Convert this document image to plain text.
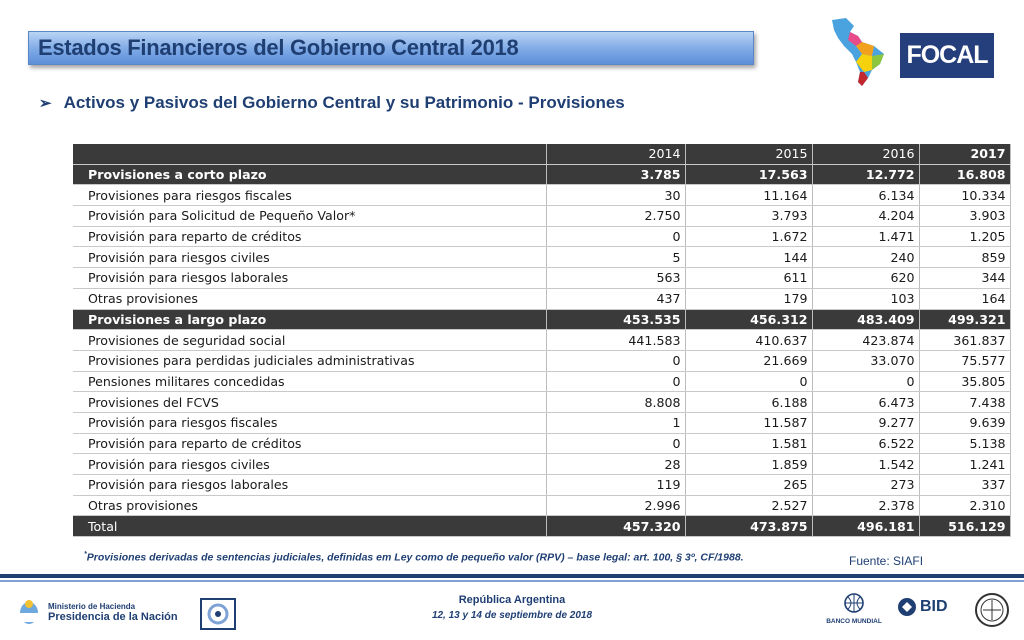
Estados Financieros del Gobierno Central 2018	FOCAL
➢ Activos y Pasivos del Gobierno Central y su Patrimonio - Provisiones
	2014	2015	2016	2017
Provisiones a corto plazo	3.785	17.563	12.772	16.808
Provisiones para riesgos fiscales	30	11.164	6.134	10.334
Provisión para Solicitud de Pequeño Valor*	2.750	3.793	4.204	3.903
Provisión para reparto de créditos	0	1.672	1.471	1.205
Provisión para riesgos civiles	5	144	240	859
Provisión para riesgos laborales	563	611	620	344
Otras provisiones	437	179	103	164
Provisiones a largo plazo	453.535	456.312	483.409	499.321
Provisiones de seguridad social	441.583	410.637	423.874	361.837
Provisiones para perdidas judiciales administrativas	0	21.669	33.070	75.577
Pensiones militares concedidas	0	0	0	35.805
Provisiones del FCVS	8.808	6.188	6.473	7.438
Provisión para riesgos fiscales	1	11.587	9.277	9.639
Provisión para reparto de créditos	0	1.581	6.522	5.138
Provisión para riesgos civiles	28	1.859	1.542	1.241
Provisión para riesgos laborales	119	265	273	337
Otras provisiones	2.996	2.527	2.378	2.310
Total	457.320	473.875	496.181	516.129
*Provisiones derivadas de sentencias judiciales, definidas em Ley como de pequeño valor (RPV) – base legal: art. 100, § 3º, CF/1988.	Fuente: SIAFI
Ministerio de Hacienda
Presidencia de la Nación
República Argentina
12, 13 y 14 de septiembre de 2018
BANCO MUNDIAL
BID
